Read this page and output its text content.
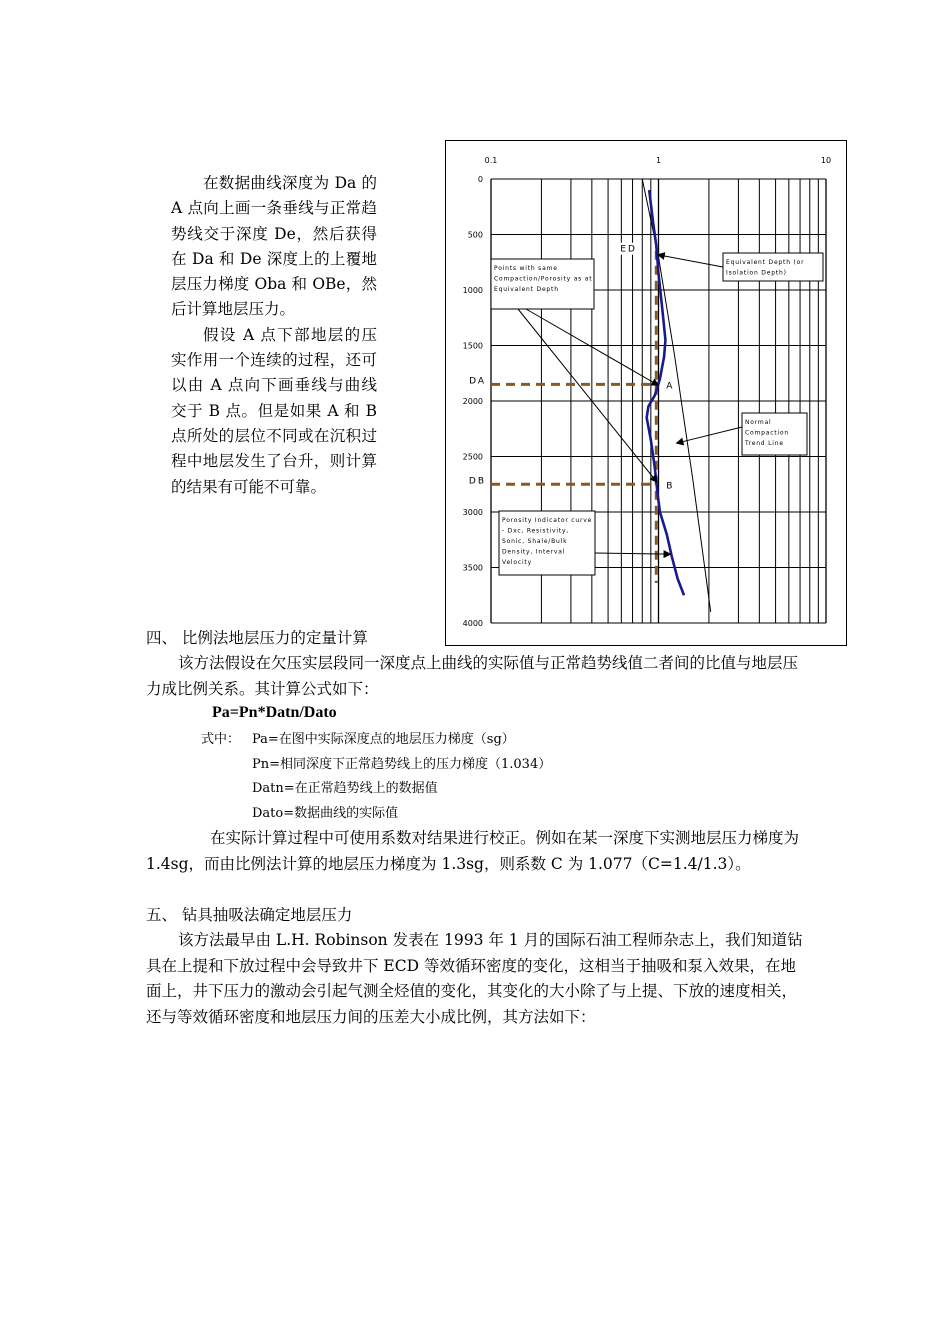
在数据曲线深度为 Da 的 A 点向上画一条垂线与正常趋势线交于深度 De，然后获得在 Da 和 De 深度上的上覆地层压力梯度 Oba 和 OBe，然后计算地层压力。

假设 A 点下部地层的压实作用一个连续的过程，还可以由 A 点向下画垂线与曲线交于 B 点。但是如果 A 和 B 点所处的层位不同或在沉积过程中地层发生了台升，则计算的结果有可能不可靠。

0.1	1	10
0
500
1000
1500
2000
2500
3000
3500
4000
DA
DB
A
B
ED
Points with same
Compaction/Porosity as at
Equivalent Depth
Equivalent Depth (or
Isolation Depth)
Normal
Compaction
Trend Line
Porosity Indicator curve
- Dxc, Resistivity,
Sonic, Shale/Bulk
Density, Interval
Velocity
四、 比例法地层压力的定量计算

该方法假设在欠压实层段同一深度点上曲线的实际值与正常趋势线值二者间的比值与地层压力成比例关系。其计算公式如下：

Pa=Pn*Datn/Dato
式中： Pa=在图中实际深度点的地层压力梯度（sg）
Pn=相同深度下正常趋势线上的压力梯度（1.034）
Datn=在正常趋势线上的数据值
Dato=数据曲线的实际值

在实际计算过程中可使用系数对结果进行校正。例如在某一深度下实测地层压力梯度为 1.4sg，而由比例法计算的地层压力梯度为 1.3sg，则系数 C 为 1.077（C=1.4/1.3）。

五、 钻具抽吸法确定地层压力

该方法最早由 L.H. Robinson 发表在 1993 年 1 月的国际石油工程师杂志上，我们知道钻具在上提和下放过程中会导致井下 ECD 等效循环密度的变化，这相当于抽吸和泵入效果，在地面上，井下压力的激动会引起气测全烃值的变化，其变化的大小除了与上提、下放的速度相关，还与等效循环密度和地层压力间的压差大小成比例，其方法如下：
